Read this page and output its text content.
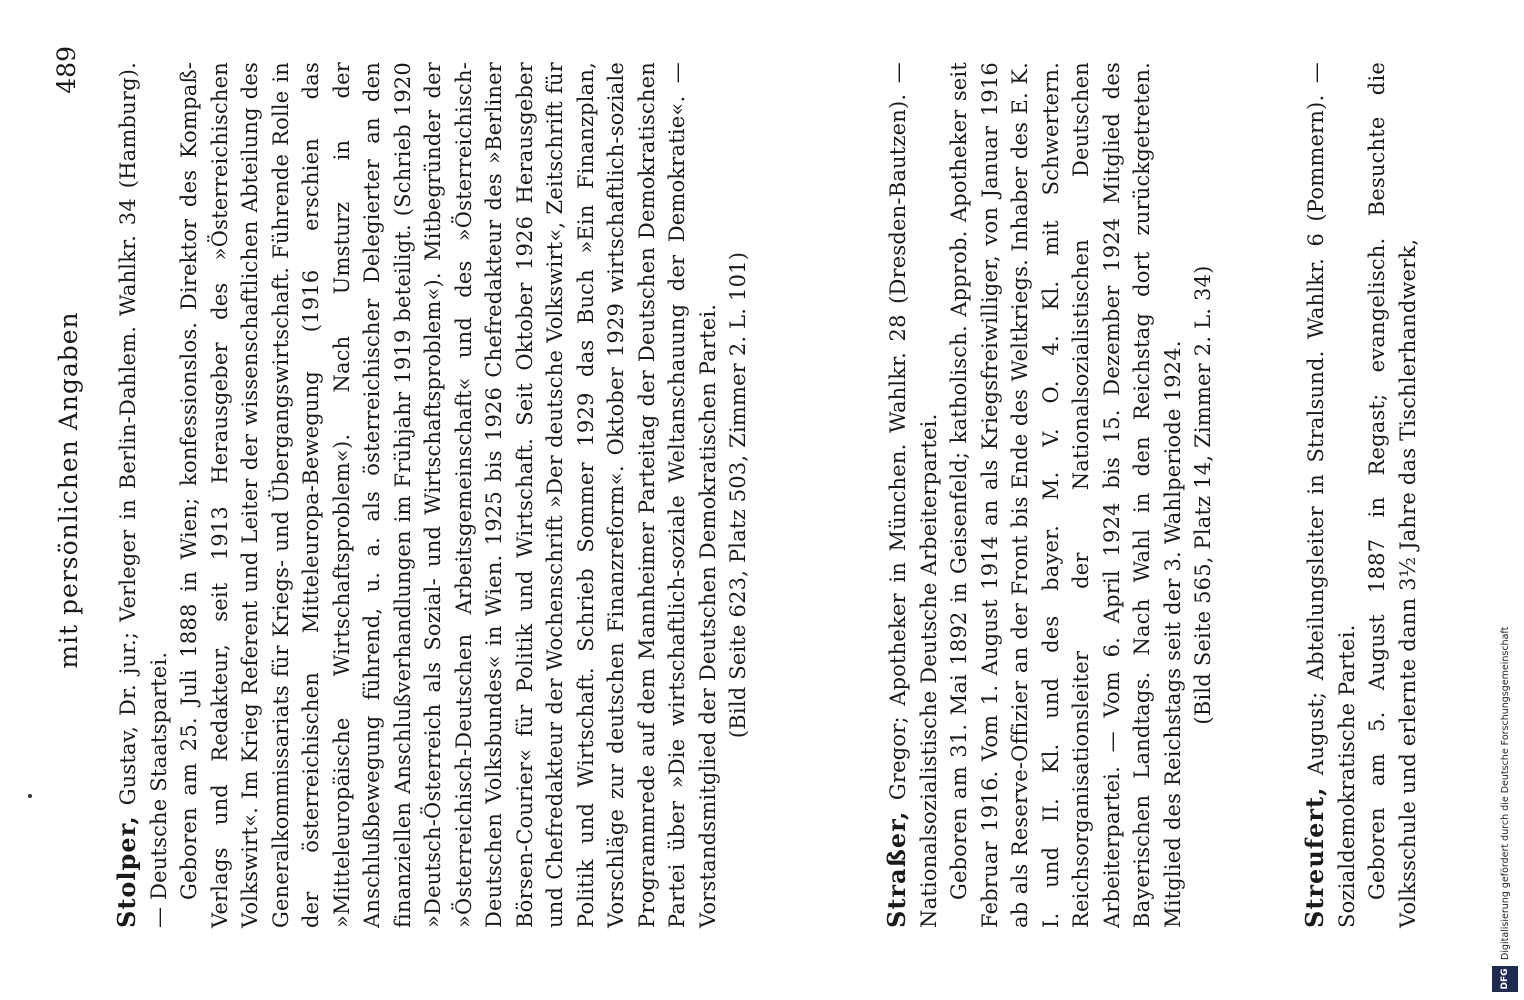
mit persönlichen Angaben
489

Stolper, Gustav, Dr. jur.; Verleger in Berlin-Dahlem. Wahlkr. 34 (Hamburg). — Deutsche Staatspartei. Geboren am 25. Juli 1888 in Wien; konfessionslos. Direktor des Kompaß-Verlags und Redakteur, seit 1913 Herausgeber des »Österreichischen Volkswirt«. Im Krieg Referent und Leiter der wissenschaftlichen Abteilung des Generalkommissariats für Kriegs- und Übergangswirtschaft. Führende Rolle in der österreichischen Mitteleuropa-Bewegung (1916 erschien das »Mitteleuropäische Wirtschaftsproblem«). Nach Umsturz in der Anschlußbewegung führend, u. a. als österreichischer Delegierter an den finanziellen Anschlußverhandlungen im Frühjahr 1919 beteiligt. (Schrieb 1920 »Deutsch-Österreich als Sozial- und Wirtschaftsproblem«). Mitbegründer der »Österreichisch-Deutschen Arbeitsgemeinschaft« und des »Österreichisch-Deutschen Volksbundes« in Wien. 1925 bis 1926 Chefredakteur des »Berliner Börsen-Courier« für Politik und Wirtschaft. Seit Oktober 1926 Herausgeber und Chefredakteur der Wochenschrift »Der deutsche Volkswirt«, Zeitschrift für Politik und Wirtschaft. Schrieb Sommer 1929 das Buch »Ein Finanzplan, Vorschläge zur deutschen Finanzreform«. Oktober 1929 wirtschaftlich-soziale Programmrede auf dem Mannheimer Parteitag der Deutschen Demokratischen Partei über »Die wirtschaftlich-soziale Weltanschauung der Demokratie«. — Vorstandsmitglied der Deutschen Demokratischen Partei. (Bild Seite 623, Platz 503, Zimmer 2. L. 101)

Straßer, Gregor; Apotheker in München. Wahlkr. 28 (Dresden-Bautzen). — Nationalsozialistische Deutsche Arbeiterpartei. Geboren am 31. Mai 1892 in Geisenfeld; katholisch. Approb. Apotheker seit Februar 1916. Vom 1. August 1914 an als Kriegsfreiwilliger, von Januar 1916 ab als Reserve-Offizier an der Front bis Ende des Weltkriegs. Inhaber des E. K. I. und II. Kl. und des bayer. M. V. O. 4. Kl. mit Schwertern. Reichsorganisationsleiter der Nationalsozialistischen Deutschen Arbeiterpartei. — Vom 6. April 1924 bis 15. Dezember 1924 Mitglied des Bayerischen Landtags. Nach Wahl in den Reichstag dort zurückgetreten. Mitglied des Reichstags seit der 3. Wahlperiode 1924. (Bild Seite 565, Platz 14, Zimmer 2. L. 34)

Streufert, August; Abteilungsleiter in Stralsund. Wahlkr. 6 (Pommern). — Sozialdemokratische Partei. Geboren am 5. August 1887 in Regast; evangelisch. Besuchte die Volksschule und erlernte dann 3½ Jahre das Tischlerhandwerk,

DFG
Digitalisierung gefördert durch die Deutsche Forschungsgemeinschaft
